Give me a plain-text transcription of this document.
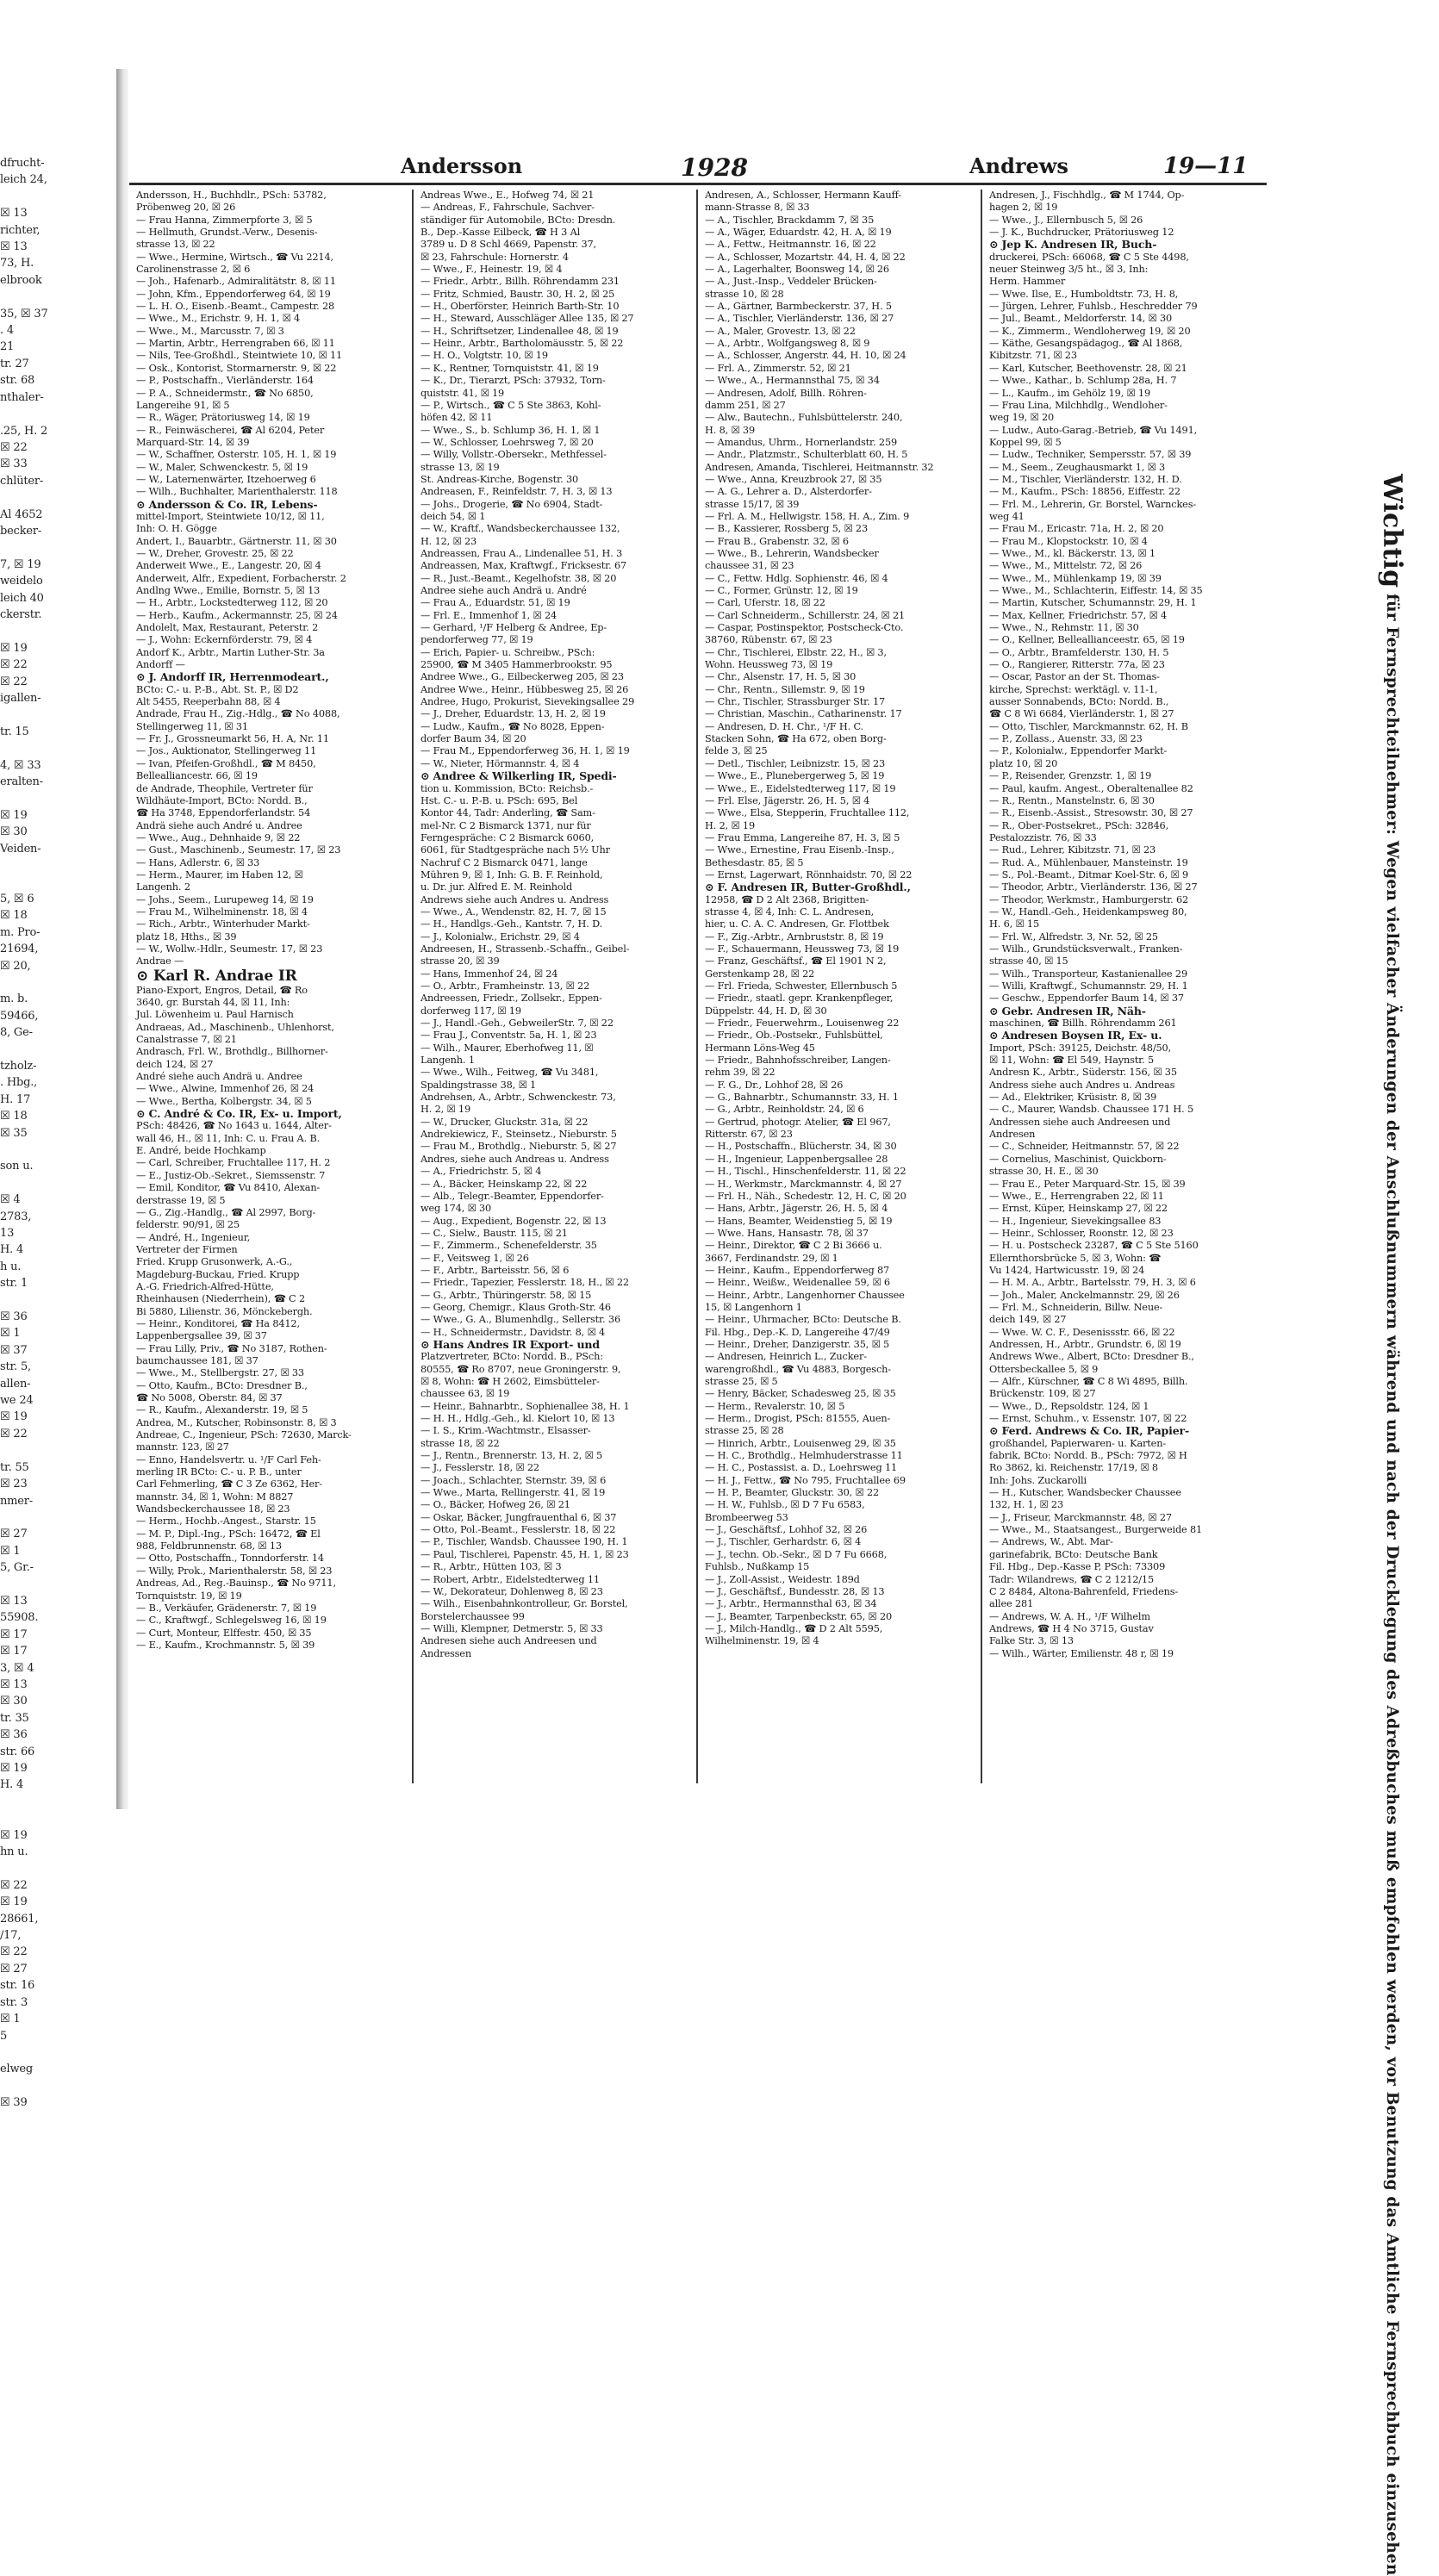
dfrucht-
leich 24,

☒ 13
richter,
☒ 13
73, H.
elbrook

35, ☒ 37
. 4
21
tr. 27
str. 68
nthaler-

.25, H. 2
☒ 22
☒ 33
chlüter-

Al 4652
becker-

7, ☒ 19
weidelo
leich 40
ckerstr.

☒ 19
☒ 22
☒ 22
igallen-

tr. 15

4, ☒ 33
eralten-

☒ 19
☒ 30
Veiden-

5, ☒ 6
☒ 18
m. Pro-
21694,
☒ 20,

m. b.
59466,
8, Ge-

tzholz-
. Hbg.,
H. 17
☒ 18
☒ 35

son u.

☒ 4
2783,
13
H. 4
h u.
str. 1

☒ 36
☒ 1
☒ 37
str. 5,
allen-
we 24
☒ 19
☒ 22

tr. 55
☒ 23
nmer-

☒ 27
☒ 1
5, Gr.-

☒ 13
55908.
☒ 17
☒ 17
3, ☒ 4
☒ 13
☒ 30
tr. 35
☒ 36
str. 66
☒ 19
H. 4

☒ 19
hn u.

☒ 22
☒ 19
28661,
/17,
☒ 22
☒ 27
str. 16
str. 3
☒ 1
5

elweg

☒ 39
Andersson	1928	Andrews	19—11
Andersson, H., Buchhdlr., PSch: 53782,
Pröbenweg 20, ☒ 26
— Frau Hanna, Zimmerpforte 3, ☒ 5
— Hellmuth, Grundst.-Verw., Desenis-
strasse 13, ☒ 22
— Wwe., Hermine, Wirtsch., ☎ Vu 2214,
Carolinenstrasse 2, ☒ 6
— Joh., Hafenarb., Admiralitätstr. 8, ☒ 11
— John, Kfm., Eppendorferweg 64, ☒ 19
— L. H. O., Eisenb.-Beamt., Campestr. 28
— Wwe., M., Erichstr. 9, H. 1, ☒ 4
— Wwe., M., Marcusstr. 7, ☒ 3
— Martin, Arbtr., Herrengraben 66, ☒ 11
— Nils, Tee-Großhdl., Steintwiete 10, ☒ 11
— Osk., Kontorist, Stormarnerstr. 9, ☒ 22
— P., Postschaffn., Vierländerstr. 164
— P. A., Schneidermstr., ☎ No 6850,
Langereihe 91, ☒ 5
— R., Wäger, Prätoriusweg 14, ☒ 19
— R., Feinwäscherei, ☎ Al 6204, Peter
Marquard-Str. 14, ☒ 39
— W., Schaffner, Osterstr. 105, H. 1, ☒ 19
— W., Maler, Schwenckestr. 5, ☒ 19
— W., Laternenwärter, Itzehoerweg 6
— Wilh., Buchhalter, Marienthalerstr. 118
⊙ Andersson & Co. IR, Lebens-
mittel-Import, Steintwiete 10/12, ☒ 11,
Inh: O. H. Gögge
Andert, I., Bauarbtr., Gärtnerstr. 11, ☒ 30
— W., Dreher, Grovestr. 25, ☒ 22
Anderweit Wwe., E., Langestr. 20, ☒ 4
Anderweit, Alfr., Expedient, Forbacherstr. 2
Andlng Wwe., Emilie, Bornstr. 5, ☒ 13
— H., Arbtr., Lockstedterweg 112, ☒ 20
— Herb., Kaufm., Ackermannstr. 25, ☒ 24
Andolelt, Max, Restaurant, Peterstr. 2
— J., Wohn: Eckernförderstr. 79, ☒ 4
Andorf K., Arbtr., Martin Luther-Str. 3a
Andorff —
⊙ J. Andorff IR, Herrenmodeart.,
BCto: C.- u. P.-B., Abt. St. P., ☒ D2
Alt 5455, Reeperbahn 88, ☒ 4
Andrade, Frau H., Zig.-Hdlg., ☎ No 4088,
Stellingerweg 11, ☒ 31
— Fr. J., Grossneumarkt 56, H. A, Nr. 11
— Jos., Auktionator, Stellingerweg 11
— Ivan, Pfeifen-Großhdl., ☎ M 8450,
Bellealliancestr. 66, ☒ 19
de Andrade, Theophile, Vertreter für
Wildhäute-Import, BCto: Nordd. B.,
☎ Ha 3748, Eppendorferlandstr. 54
Andrä siehe auch André u. Andree
— Wwe., Aug., Dehnhaide 9, ☒ 22
— Gust., Maschinenb., Seumestr. 17, ☒ 23
— Hans, Adlerstr. 6, ☒ 33
— Herm., Maurer, im Haben 12, ☒
Langenh. 2
— Johs., Seem., Lurupeweg 14, ☒ 19
— Frau M., Wilhelminenstr. 18, ☒ 4
— Rich., Arbtr., Winterhuder Markt-
platz 18, Hths., ☒ 39
— W., Wollw.-Hdlr., Seumestr. 17, ☒ 23
Andrae —
⊙ Karl R. Andrae IR
Piano-Export, Engros, Detail, ☎ Ro
3640, gr. Burstah 44, ☒ 11, Inh:
Jul. Löwenheim u. Paul Harnisch
Andraeas, Ad., Maschinenb., Uhlenhorst,
Canalstrasse 7, ☒ 21
Andrasch, Frl. W., Brothdlg., Billhorner-
deich 124, ☒ 27
André siehe auch Andrä u. Andree
— Wwe., Alwine, Immenhof 26, ☒ 24
— Wwe., Bertha, Kolbergstr. 34, ☒ 5
⊙ C. André & Co. IR, Ex- u. Import,
PSch: 48426, ☎ No 1643 u. 1644, Alter-
wall 46, H., ☒ 11, Inh: C. u. Frau A. B.
E. André, beide Hochkamp
— Carl, Schreiber, Fruchtallee 117, H. 2
— E., Justiz-Ob.-Sekret., Siemssenstr. 7
— Emil, Konditor, ☎ Vu 8410, Alexan-
derstrasse 19, ☒ 5
— G., Zig.-Handlg., ☎ Al 2997, Borg-
felderstr. 90/91, ☒ 25
— André, H., Ingenieur,
Vertreter der Firmen
Fried. Krupp Grusonwerk, A.-G.,
Magdeburg-Buckau, Fried. Krupp
A.-G. Friedrich-Alfred-Hütte,
Rheinhausen (Niederrhein), ☎ C 2
Bi 5880, Lilienstr. 36, Mönckebergh.
— Heinr., Konditorei, ☎ Ha 8412,
Lappenbergsallee 39, ☒ 37
— Frau Lilly, Priv., ☎ No 3187, Rothen-
baumchaussee 181, ☒ 37
— Wwe., M., Stellbergstr. 27, ☒ 33
— Otto, Kaufm., BCto: Dresdner B.,
☎ No 5008, Oberstr. 84, ☒ 37
— R., Kaufm., Alexanderstr. 19, ☒ 5
Andrea, M., Kutscher, Robinsonstr. 8, ☒ 3
Andreae, C., Ingenieur, PSch: 72630, Marck-
mannstr. 123, ☒ 27
— Enno, Handelsvertr. u. ¹/F Carl Feh-
merling IR BCto: C.- u. P. B., unter
Carl Fehmerling, ☎ C 3 Ze 6362, Her-
mannstr. 34, ☒ 1, Wohn: M 8827
Wandsbeckerchaussee 18, ☒ 23
— Herm., Hochb.-Angest., Starstr. 15
— M. P., Dipl.-Ing., PSch: 16472, ☎ El
988, Feldbrunnenstr. 68, ☒ 13
— Otto, Postschaffn., Tonndorferstr. 14
— Willy, Prok., Marienthalerstr. 58, ☒ 23
Andreas, Ad., Reg.-Bauinsp., ☎ No 9711,
Tornquiststr. 19, ☒ 19
— B., Verkäufer, Grädenerstr. 7, ☒ 19
— C., Kraftwgf., Schlegelsweg 16, ☒ 19
— Curt, Monteur, Elffestr. 450, ☒ 35
— E., Kaufm., Krochmannstr. 5, ☒ 39
Andreas Wwe., E., Hofweg 74, ☒ 21
— Andreas, F., Fahrschule, Sachver-
ständiger für Automobile, BCto: Dresdn.
B., Dep.-Kasse Eilbeck, ☎ H 3 Al
3789 u. D 8 Schl 4669, Papenstr. 37,
☒ 23, Fahrschule: Hornerstr. 4
— Wwe., F., Heinestr. 19, ☒ 4
— Friedr., Arbtr., Billh. Röhrendamm 231
— Fritz, Schmied, Baustr. 30, H. 2, ☒ 25
— H., Oberförster, Heinrich Barth-Str. 10
— H., Steward, Ausschläger Allee 135, ☒ 27
— H., Schriftsetzer, Lindenallee 48, ☒ 19
— Heinr., Arbtr., Bartholomäusstr. 5, ☒ 22
— H. O., Volgtstr. 10, ☒ 19
— K., Rentner, Tornquiststr. 41, ☒ 19
— K., Dr., Tierarzt, PSch: 37932, Torn-
quiststr. 41, ☒ 19
— P., Wirtsch., ☎ C 5 Ste 3863, Kohl-
höfen 42, ☒ 11
— Wwe., S., b. Schlump 36, H. 1, ☒ 1
— W., Schlosser, Loehrsweg 7, ☒ 20
— Willy, Vollstr.-Obersekr., Methfessel-
strasse 13, ☒ 19
St. Andreas-Kirche, Bogenstr. 30
Andreasen, F., Reinfeldstr. 7, H. 3, ☒ 13
— Johs., Drogerie, ☎ No 6904, Stadt-
deich 54, ☒ 1
— W., Kraftf., Wandsbeckerchaussee 132,
H. 12, ☒ 23
Andreassen, Frau A., Lindenallee 51, H. 3
Andreassen, Max, Kraftwgf., Fricksestr. 67
— R., Just.-Beamt., Kegelhofstr. 38, ☒ 20
Andree siehe auch Andrä u. André
— Frau A., Eduardstr. 51, ☒ 19
— Frl. E., Immenhof 1, ☒ 24
— Gerhard, ¹/F Helberg & Andree, Ep-
pendorferweg 77, ☒ 19
— Erich, Papier- u. Schreibw., PSch:
25900, ☎ M 3405 Hammerbrookstr. 95
Andree Wwe., G., Eilbeckerweg 205, ☒ 23
Andree Wwe., Heinr., Hübbesweg 25, ☒ 26
Andree, Hugo, Prokurist, Sievekingsallee 29
— J., Dreher, Eduardstr. 13, H. 2, ☒ 19
— Ludw., Kaufm., ☎ No 8028, Eppen-
dorfer Baum 34, ☒ 20
— Frau M., Eppendorferweg 36, H. 1, ☒ 19
— W., Nieter, Hörmannstr. 4, ☒ 4
⊙ Andree & Wilkerling IR, Spedi-
tion u. Kommission, BCto: Reichsb.-
Hst. C.- u. P.-B. u. PSch: 695, Bel
Kontor 44, Tadr: Anderling, ☎ Sam-
mel-Nr. C 2 Bismarck 1371, nur für
Ferngespräche: C 2 Bismarck 6060,
6061, für Stadtgespräche nach 5½ Uhr
Nachruf C 2 Bismarck 0471, lange
Mühren 9, ☒ 1, Inh: G. B. F. Reinhold,
u. Dr. jur. Alfred E. M. Reinhold
Andrews siehe auch Andres u. Andress
— Wwe., A., Wendenstr. 82, H. 7, ☒ 15
— H., Handlgs.-Geh., Kantstr. 7, H. D.
— J., Kolonialw., Erichstr. 29, ☒ 4
Andreesen, H., Strassenb.-Schaffn., Geibel-
strasse 20, ☒ 39
— Hans, Immenhof 24, ☒ 24
— O., Arbtr., Framheinstr. 13, ☒ 22
Andreessen, Friedr., Zollsekr., Eppen-
dorferweg 117, ☒ 19
— J., Handl.-Geh., GebweilerStr. 7, ☒ 22
— Frau J., Conventstr. 5a, H. 1, ☒ 23
— Wilh., Maurer, Eberhofweg 11, ☒
Langenh. 1
— Wwe., Wilh., Feitweg, ☎ Vu 3481,
Spaldingstrasse 38, ☒ 1
Andrehsen, A., Arbtr., Schwenckestr. 73,
H. 2, ☒ 19
— W., Drucker, Gluckstr. 31a, ☒ 22
Andrekiewicz, F., Steinsetz., Nieburstr. 5
— Frau M., Brothdlg., Nieburstr. 5, ☒ 27
Andres, siehe auch Andreas u. Andress
— A., Friedrichstr. 5, ☒ 4
— A., Bäcker, Heinskamp 22, ☒ 22
— Alb., Telegr.-Beamter, Eppendorfer-
weg 174, ☒ 30
— Aug., Expedient, Bogenstr. 22, ☒ 13
— C., Sielw., Baustr. 115, ☒ 21
— F., Zimmerm., Schenefelderstr. 35
— F., Veitsweg 1, ☒ 26
— F., Arbtr., Barteisstr. 56, ☒ 6
— Friedr., Tapezier, Fesslerstr. 18, H., ☒ 22
— G., Arbtr., Thüringerstr. 58, ☒ 15
— Georg, Chemigr., Klaus Groth-Str. 46
— Wwe., G. A., Blumenhdlg., Sellerstr. 36
— H., Schneidermstr., Davidstr. 8, ☒ 4
⊙ Hans Andres IR Export- und
Platzvertreter, BCto: Nordd. B., PSch:
80555, ☎ Ro 8707, neue Groningerstr. 9,
☒ 8, Wohn: ☎ H 2602, Eimsbütteler-
chaussee 63, ☒ 19
— Heinr., Bahnarbtr., Sophienallee 38, H. 1
— H. H., Hdlg.-Geh., kl. Kielort 10, ☒ 13
— I. S., Krim.-Wachtmstr., Elsasser-
strasse 18, ☒ 22
— J., Rentn., Brennerstr. 13, H. 2, ☒ 5
— J., Fesslerstr. 18, ☒ 22
— Joach., Schlachter, Sternstr. 39, ☒ 6
— Wwe., Marta, Rellingerstr. 41, ☒ 19
— O., Bäcker, Hofweg 26, ☒ 21
— Oskar, Bäcker, Jungfrauenthal 6, ☒ 37
— Otto, Pol.-Beamt., Fesslerstr. 18, ☒ 22
— P., Tischler, Wandsb. Chaussee 190, H. 1
— Paul, Tischlerei, Papenstr. 45, H. 1, ☒ 23
— R., Arbtr., Hütten 103, ☒ 3
— Robert, Arbtr., Eidelstedterweg 11
— W., Dekorateur, Dohlenweg 8, ☒ 23
— Wilh., Eisenbahnkontrolleur, Gr. Borstel,
Borstelerchaussee 99
— Willi, Klempner, Detmerstr. 5, ☒ 33
Andresen siehe auch Andreesen und
Andressen
Andresen, A., Schlosser, Hermann Kauff-
mann-Strasse 8, ☒ 33
— A., Tischler, Brackdamm 7, ☒ 35
— A., Wäger, Eduardstr. 42, H. A, ☒ 19
— A., Fettw., Heitmannstr. 16, ☒ 22
— A., Schlosser, Mozartstr. 44, H. 4, ☒ 22
— A., Lagerhalter, Boonsweg 14, ☒ 26
— A., Just.-Insp., Veddeler Brücken-
strasse 10, ☒ 28
— A., Gärtner, Barmbeckerstr. 37, H. 5
— A., Tischler, Vierländerstr. 136, ☒ 27
— A., Maler, Grovestr. 13, ☒ 22
— A., Arbtr., Wolfgangsweg 8, ☒ 9
— A., Schlosser, Angerstr. 44, H. 10, ☒ 24
— Frl. A., Zimmerstr. 52, ☒ 21
— Wwe., A., Hermannsthal 75, ☒ 34
— Andresen, Adolf, Billh. Röhren-
damm 251, ☒ 27
— Alw., Bautechn., Fuhlsbüttelerstr. 240,
H. 8, ☒ 39
— Amandus, Uhrm., Hornerlandstr. 259
— Andr., Platzmstr., Schulterblatt 60, H. 5
Andresen, Amanda, Tischlerei, Heitmannstr. 32
— Wwe., Anna, Kreuzbrook 27, ☒ 35
— A. G., Lehrer a. D., Alsterdorfer-
strasse 15/17, ☒ 39
— Frl. A. M., Hellwigstr. 158, H. A., Zim. 9
— B., Kassierer, Rossberg 5, ☒ 23
— Frau B., Grabenstr. 32, ☒ 6
— Wwe., B., Lehrerin, Wandsbecker
chaussee 31, ☒ 23
— C., Fettw. Hdlg. Sophienstr. 46, ☒ 4
— C., Former, Grünstr. 12, ☒ 19
— Carl, Uferstr. 18, ☒ 22
— Carl Schneiderm., Schillerstr. 24, ☒ 21
— Caspar, Postinspektor, Postscheck-Cto.
38760, Rübenstr. 67, ☒ 23
— Chr., Tischlerei, Elbstr. 22, H., ☒ 3,
Wohn. Heussweg 73, ☒ 19
— Chr., Alsenstr. 17, H. 5, ☒ 30
— Chr., Rentn., Sillemstr. 9, ☒ 19
— Chr., Tischler, Strassburger Str. 17
— Christian, Maschin., Catharinenstr. 17
— Andresen, D. H. Chr., ¹/F H. C.
Stacken Sohn, ☎ Ha 672, oben Borg-
felde 3, ☒ 25
— Detl., Tischler, Leibnizstr. 15, ☒ 23
— Wwe., E., Plunebergerweg 5, ☒ 19
— Wwe., E., Eidelstedterweg 117, ☒ 19
— Frl. Else, Jägerstr. 26, H. 5, ☒ 4
— Wwe., Elsa, Stepperin, Fruchtallee 112,
H. 2, ☒ 19
— Frau Emma, Langereihe 87, H. 3, ☒ 5
— Wwe., Ernestine, Frau Eisenb.-Insp.,
Bethesdastr. 85, ☒ 5
— Ernst, Lagerwart, Rönnhaidstr. 70, ☒ 22
⊙ F. Andresen IR, Butter-Großhdl.,
12958, ☎ D 2 Alt 2368, Brigitten-
strasse 4, ☒ 4, Inh: C. L. Andresen,
hier, u. C. A. C. Andresen, Gr. Flottbek
— F., Zig.-Arbtr., Arnbruststr. 8, ☒ 19
— F., Schauermann, Heussweg 73, ☒ 19
— Franz, Geschäftsf., ☎ El 1901 N 2,
Gerstenkamp 28, ☒ 22
— Frl. Frieda, Schwester, Ellernbusch 5
— Friedr., staatl. gepr. Krankenpfleger,
Düppelstr. 44, H. D, ☒ 30
— Friedr., Feuerwehrm., Louisenweg 22
— Friedr., Ob.-Postsekr., Fuhlsbüttel,
Hermann Löns-Weg 45
— Friedr., Bahnhofsschreiber, Langen-
rehm 39, ☒ 22
— F. G., Dr., Lohhof 28, ☒ 26
— G., Bahnarbtr., Schumannstr. 33, H. 1
— G., Arbtr., Reinholdstr. 24, ☒ 6
— Gertrud, photogr. Atelier, ☎ El 967,
Ritterstr. 67, ☒ 23
— H., Postschaffn., Blücherstr. 34, ☒ 30
— H., Ingenieur, Lappenbergsallee 28
— H., Tischl., Hinschenfelderstr. 11, ☒ 22
— H., Werkmstr., Marckmannstr. 4, ☒ 27
— Frl. H., Näh., Schedestr. 12, H. C, ☒ 20
— Hans, Arbtr., Jägerstr. 26, H. 5, ☒ 4
— Hans, Beamter, Weidenstieg 5, ☒ 19
— Wwe. Hans, Hansastr. 78, ☒ 37
— Heinr., Direktor, ☎ C 2 Bi 3666 u.
3667, Ferdinandstr. 29, ☒ 1
— Heinr., Kaufm., Eppendorferweg 87
— Heinr., Weißw., Weidenallee 59, ☒ 6
— Heinr., Arbtr., Langenhorner Chaussee
15, ☒ Langenhorn 1
— Heinr., Uhrmacher, BCto: Deutsche B.
Fil. Hbg., Dep.-K. D, Langereihe 47/49
— Heinr., Dreher, Danzigerstr. 35, ☒ 5
— Andresen, Heinrich L., Zucker-
warengroßhdl., ☎ Vu 4883, Borgesch-
strasse 25, ☒ 5
— Henry, Bäcker, Schadesweg 25, ☒ 35
— Herm., Revalerstr. 10, ☒ 5
— Herm., Drogist, PSch: 81555, Auen-
strasse 25, ☒ 28
— Hinrich, Arbtr., Louisenweg 29, ☒ 35
— H. C., Brothdlg., Helmhuderstrasse 11
— H. C., Postassist. a. D., Loehrsweg 11
— H. J., Fettw., ☎ No 795, Fruchtallee 69
— H. P., Beamter, Gluckstr. 30, ☒ 22
— H. W., Fuhlsb., ☒ D 7 Fu 6583,
Brombeerweg 53
— J., Geschäftsf., Lohhof 32, ☒ 26
— J., Tischler, Gerhardstr. 6, ☒ 4
— J., techn. Ob.-Sekr., ☒ D 7 Fu 6668,
Fuhlsb., Nußkamp 15
— J., Zoll-Assist., Weidestr. 189d
— J., Geschäftsf., Bundesstr. 28, ☒ 13
— J., Arbtr., Hermannsthal 63, ☒ 34
— J., Beamter, Tarpenbeckstr. 65, ☒ 20
— J., Milch-Handlg., ☎ D 2 Alt 5595,
Wilhelminenstr. 19, ☒ 4
Andresen, J., Fischhdlg., ☎ M 1744, Op-
hagen 2, ☒ 19
— Wwe., J., Ellernbusch 5, ☒ 26
— J. K., Buchdrucker, Prätoriusweg 12
⊙ Jep K. Andresen IR, Buch-
druckerei, PSch: 66068, ☎ C 5 Ste 4498,
neuer Steinweg 3/5 ht., ☒ 3, Inh:
Herm. Hammer
— Wwe. Ilse, E., Humboldtstr. 73, H. 8,
— Jürgen, Lehrer, Fuhlsb., Heschredder 79
— Jul., Beamt., Meldorferstr. 14, ☒ 30
— K., Zimmerm., Wendloherweg 19, ☒ 20
— Käthe, Gesangspädagog., ☎ Al 1868,
Kibitzstr. 71, ☒ 23
— Karl, Kutscher, Beethovenstr. 28, ☒ 21
— Wwe., Kathar., b. Schlump 28a, H. 7
— L., Kaufm., im Gehölz 19, ☒ 19
— Frau Lina, Milchhdlg., Wendloher-
weg 19, ☒ 20
— Ludw., Auto-Garag.-Betrieb, ☎ Vu 1491,
Koppel 99, ☒ 5
— Ludw., Techniker, Sempersstr. 57, ☒ 39
— M., Seem., Zeughausmarkt 1, ☒ 3
— M., Tischler, Vierländerstr. 132, H. D.
— M., Kaufm., PSch: 18856, Eiffestr. 22
— Frl. M., Lehrerin, Gr. Borstel, Warnckes-
weg 41
— Frau M., Ericastr. 71a, H. 2, ☒ 20
— Frau M., Klopstockstr. 10, ☒ 4
— Wwe., M., kl. Bäckerstr. 13, ☒ 1
— Wwe., M., Mittelstr. 72, ☒ 26
— Wwe., M., Mühlenkamp 19, ☒ 39
— Wwe., M., Schlachterin, Eiffestr. 14, ☒ 35
— Martin, Kutscher, Schumannstr. 29, H. 1
— Max, Kellner, Friedrichstr. 57, ☒ 4
— Wwe., N., Rehmstr. 11, ☒ 30
— O., Kellner, Belleallianceestr. 65, ☒ 19
— O., Arbtr., Bramfelderstr. 130, H. 5
— O., Rangierer, Ritterstr. 77a, ☒ 23
— Oscar, Pastor an der St. Thomas-
kirche, Sprechst: werktägl. v. 11-1,
ausser Sonnabends, BCto: Nordd. B.,
☎ C 8 Wi 6684, Vierländerstr. 1, ☒ 27
— Otto, Tischler, Marckmannstr. 62, H. B
— P., Zollass., Auenstr. 33, ☒ 23
— P., Kolonialw., Eppendorfer Markt-
platz 10, ☒ 20
— P., Reisender, Grenzstr. 1, ☒ 19
— Paul, kaufm. Angest., Oberaltenallee 82
— R., Rentn., Manstelnstr. 6, ☒ 30
— R., Eisenb.-Assist., Stresowstr. 30, ☒ 27
— R., Ober-Postsekret., PSch: 32846,
Pestalozzistr. 76, ☒ 33
— Rud., Lehrer, Kibitzstr. 71, ☒ 23
— Rud. A., Mühlenbauer, Mansteinstr. 19
— S., Pol.-Beamt., Ditmar Koel-Str. 6, ☒ 9
— Theodor, Arbtr., Vierländerstr. 136, ☒ 27
— Theodor, Werkmstr., Hamburgerstr. 62
— W., Handl.-Geh., Heidenkampsweg 80,
H. 6, ☒ 15
— Frl. W., Alfredstr. 3, Nr. 52, ☒ 25
— Wilh., Grundstücksverwalt., Franken-
strasse 40, ☒ 15
— Wilh., Transporteur, Kastanienallee 29
— Willi, Kraftwgf., Schumannstr. 29, H. 1
— Geschw., Eppendorfer Baum 14, ☒ 37
⊙ Gebr. Andresen IR, Näh-
maschinen, ☎ Billh. Röhrendamm 261
⊙ Andresen Boysen IR, Ex- u.
Import, PSch: 39125, Deichstr. 48/50,
☒ 11, Wohn: ☎ El 549, Haynstr. 5
Andresn K., Arbtr., Süderstr. 156, ☒ 35
Andress siehe auch Andres u. Andreas
— Ad., Elektriker, Krüsistr. 8, ☒ 39
— C., Maurer, Wandsb. Chaussee 171 H. 5
Andressen siehe auch Andreesen und
Andresen
— C., Schneider, Heitmannstr. 57, ☒ 22
— Cornelius, Maschinist, Quickborn-
strasse 30, H. E., ☒ 30
— Frau E., Peter Marquard-Str. 15, ☒ 39
— Wwe., E., Herrengraben 22, ☒ 11
— Ernst, Küper, Heinskamp 27, ☒ 22
— H., Ingenieur, Sievekingsallee 83
— Heinr., Schlosser, Roonstr. 12, ☒ 23
— H. u. Postscheck 23287, ☎ C 5 Ste 5160
Ellernthorsbrücke 5, ☒ 3, Wohn: ☎
Vu 1424, Hartwicusstr. 19, ☒ 24
— H. M. A., Arbtr., Bartelsstr. 79, H. 3, ☒ 6
— Joh., Maler, Anckelmannstr. 29, ☒ 26
— Frl. M., Schneiderin, Billw. Neue-
deich 149, ☒ 27
— Wwe. W. C. F., Desenissstr. 66, ☒ 22
Andressen, H., Arbtr., Grundstr. 6, ☒ 19
Andrews Wwe., Albert, BCto: Dresdner B.,
Ottersbeckallee 5, ☒ 9
— Alfr., Kürschner, ☎ C 8 Wi 4895, Billh.
Brückenstr. 109, ☒ 27
— Wwe., D., Repsoldstr. 124, ☒ 1
— Ernst, Schuhm., v. Essenstr. 107, ☒ 22
⊙ Ferd. Andrews & Co. IR, Papier-
großhandel, Papierwaren- u. Karten-
fabrik, BCto: Nordd. B., PSch: 7972, ☒ H
Ro 3862, ki. Reichenstr. 17/19, ☒ 8
Inh: Johs. Zuckarolli
— H., Kutscher, Wandsbecker Chaussee
132, H. 1, ☒ 23
— J., Friseur, Marckmannstr. 48, ☒ 27
— Wwe., M., Staatsangest., Burgerweide 81
— Andrews, W., Abt. Mar-
garinefabrik, BCto: Deutsche Bank
Fil. Hbg., Dep.-Kasse P, PSch: 73309
Tadr: Wilandrews, ☎ C 2 1212/15
C 2 8484, Altona-Bahrenfeld, Friedens-
allee 281
— Andrews, W. A. H., ¹/F Wilhelm
Andrews, ☎ H 4 No 3715, Gustav
Falke Str. 3, ☒ 13
— Wilh., Wärter, Emilienstr. 48 r, ☒ 19
Wichtig für Fernsprechteilnehmer: Wegen vielfacher Änderungen der Anschlußnummern während und nach der Drucklegung des Adreßbuches muß empfohlen werden, vor Benutzung das Amtliche Fernsprechbuch einzusehen
